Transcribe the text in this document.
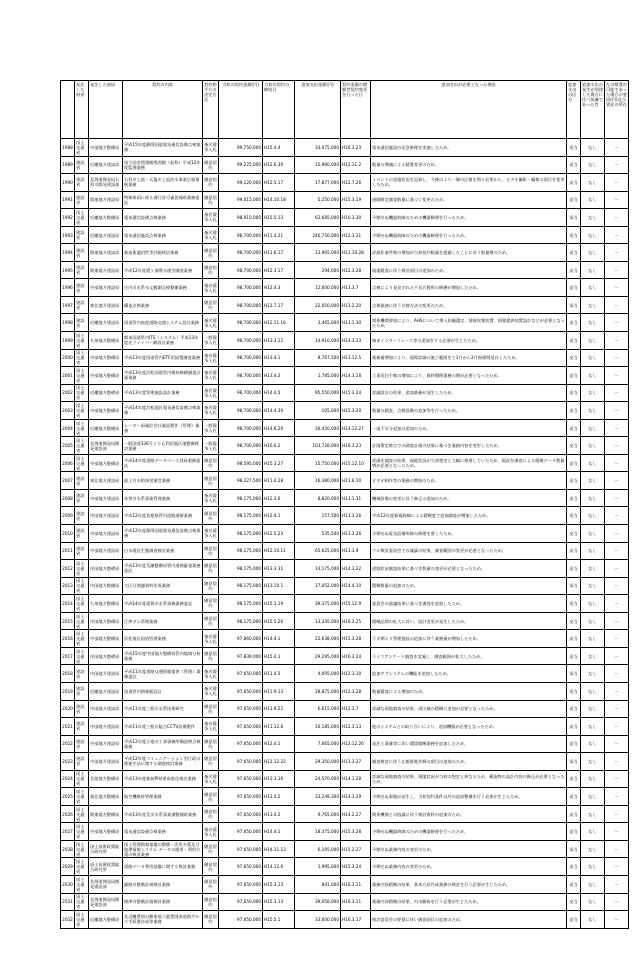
	発注した府省	発注した部局	契約の内容	契約相手方の決定方式	当初の契約金額(円)	当初の契約の締結日	追加支出金額(円)	契約金額の増額等契約変更を行った日	追加支出が必要となった理由	追加支出の区分	追加支出の発生が別途した場合に比べ低廉であった旨	左の措置が可能であった場合の要因(円)及び責任の所在
1988	国土交通省	中部地方整備局	平成15年度静岡国道電気通信設備点検業務	指名競争入札	99,750,000	H15.4.4	33,075,000	H16.3.23	電気通信施設の応急修理を実施したため。	妥当	なし	－
1989	建設省	近畿地方建設局	国立国会図書館関西館（仮称）平成12年度監理業務	随意契約	99,225,000	H12.6.30	15,960,000	H12.11.2	数量の増減による精算変更のため。	妥当	なし	－
1990	建設省	北海道開発局石狩川開発建設部	石狩川上流・天塩川上流治水事業広報推進業務	随意契約	99,120,000	H12.5.17	17,877,000	H12.7.26	イベントの実施状況を記録し、今後のより一層の広報を図る必要から、ビデオ撮影・編集の項目を変更したため。	妥当	なし	－
1991	建設省	関東地方建設局	特殊車両に係る通行許可審査補助業務委託	随意契約	99,015,000	H14.10.18	5,250,000	H15.3.19	通路限定調査数量に基づく変更のため。	妥当	なし	－
1992	国土交通省	近畿地方整備局	電気通信設備点検業務	指名競争入札	98,910,000	H15.5.13	62,685,000	H16.3.30	予期せぬ機器故障のための機器修理を行ったため。	妥当	なし	－
1993	建設省	近畿地方建設局	電気通信施設点検業務	指名競争入札	98,700,000	H11.4.21	246,750,000	H12.3.31	予期せぬ機器故障のための機器修理を行ったため。	妥当	なし	－
1994	建設省	関東地方建設局	新技術適用性等評価検討業務	随意契約	98,700,000	H11.6.17	13,965,000	H11.10.28	評価作業件数の増加が当初契約数量を超過したことに伴う数量増のため。	妥当	なし	－
1995	建設省	関東地方建設局	平成12年度霞ヶ浦導水運営調査業務	随意契約	98,700,000	H12.3.17	294,000	H12.3.28	現地精査に伴う検討項目の追加のため。	妥当	なし	－
1996	建設省	中部地方建設局	庄内川水系水文観測点検整備業務	指名競争入札	98,700,000	H12.4.3	12,600,000	H13.3.7	点検により発見された不具合箇所の修繕が増加したため。	妥当	なし	－
1997	建設省	東北地方建設局	構造点検業務	随意契約	98,700,000	H12.7.17	22,050,000	H13.2.20	点検業務に伴う点検方法の変更のため。	妥当	なし	－
1998	建設省	近畿地方建設局	国道管内高度道路交通システム設計業務	指名競争入札	98,700,000	H12.11.16	3,465,000	H13.1.30	関係機関要望により、AHSについて導入拡幅選定、情報収集装置、情報提供装置設計などが必要となったため。	妥当	なし	－
1999	国土交通省	九州地方整備局	熊本国道管内ITS（システム）平成13年度光ファイバー網設計業務	一般競争入札	98,700,000	H13.3.12	14,910,000	H14.3.13	端末インターフェース等の追加をする必要が生じたため。	妥当	なし	－
2000	国土交通省	中部地方整備局	平成13年度国道管内ETC用設置調査業務	指名競争入札	98,700,000	H13.4.1	8,767,500	H13.12.5	業務量増加により、現場詳細の施工範囲を工1月から2月指導間延長したため。	妥当	なし	－
2001	国土交通省	中部地方整備局	平成13年度浜松国道管内維持修繕調査計画業務	指名競争入札	98,700,000	H13.4.2	1,785,000	H14.3.18	工事発注手数の増加により、資料整理業務の増が必要となったため。	妥当	なし	－
2002	国土交通省	近畿地方整備局	平成13年度管理施設設計業務	指名競争入札	98,700,000	H14.4.5	95,550,000	H15.3.24	詳細設計の結果、追加業務が発生したため。	妥当	なし	－
2003	国土交通省	中部地方整備局	平成14年度浜松地区電気通信設備点検業務	指名競争入札	98,700,000	H14.4.30	105,000	H15.3.20	数量の精査、点検設備の追加等を行ったため。	妥当	なし	－
2004	国土交通省	近畿地方整備局	レーダー雨量計会社施設製作（管理）業務	一般競争入札	98,700,000	H14.6.20	30,450,000	H14.12.27	一部不可分追加の追加のため。	妥当	なし	－
2005	国土交通省	北海道開発局開発建設部	一般国道336号よりも利尻地区地整備検討業務	一般競争入札	98,700,000	H16.6.2	103,728,000	H16.3.23	計画策定時点での調査計画の結果に基づき業務内容を変更したため。	妥当	なし	－
2006	国土交通省	中部地方整備局	平成14年度道路データベース登録業務委託	随意契約	98,595,000	H15.3.27	15,750,000	H15.12.10	詳細を調査の結果、現地状況が当初想定と大幅に相違していたため、現況を調査による精緻データ数量増が必要となったため。	妥当	なし	－
2007	建設省	東北地方建設局	最上川水防演習運営業務	随意契約	98,227,500	H11.4.28	16,380,000	H11.6.10	ビデオ制作等の業務の増加のため。	妥当	なし	－
2008	建設省	中部地方建設局	木曽川水系事業管理業務	指名競争入札	98,175,000	H12.3.6	8,820,000	H13.1.31	機械設備の変更に伴う修正の追加のため。	妥当	なし	－
2009	建設省	中国地方建設局	平成12年度島根県管内道路通報業務	随意契約	98,175,000	H12.4.1	157,500	H13.3.26	平成12年度新規路線による精緻度で追加調査が増加したため。	妥当	なし	－
2010	建設省	中部地方建設局	平成12年度静岡国道電気通信設備点検業務	指名競争入札	98,175,000	H12.5.23	535,500	H13.3.26	予期せぬ電気設備故障の修理を要したため。	妥当	なし	－
2011	建設省	中部地方建設局	白水地区生態調査検討業務	随意契約	98,175,000	H12.10.11	65,625,000	H13.3.9	ツル検討委員会での議論の結果、調査範囲の変更が必要となったため。	妥当	なし	－
2012	国土交通省	中国地方整備局	平成13年度荒瀬整備局管内道路審査業務委託	随意契約	98,175,000	H13.3.31	14,175,000	H14.3.22	道路状況調査結果に基づき数量の変更が必要となったため。	妥当	なし	－
2013	国土交通省	中国地方整備局	大区分関連資料作成業務	随意契約	98,175,000	H13.10.1	17,052,000	H14.4.10	精緻数量の追加のため。	妥当	なし	－
2014	国土交通省	九州地方整備局	平成14年度遠賀川水系事務業務委託	随意契約	98,175,000	H15.3.19	39,375,000	H15.12.9	委員会の協議結果に基づき調査を追加したため。	妥当	なし	－
2015	国土交通省	中国地方整備局	江津ダム管理業務	随意契約	98,175,000	H15.5.26	13,335,000	H16.3.25	精緻品問の拡大に伴い、設計変更が発生したため。	妥当	なし	－
2016	国土交通省	中部地方整備局	浜松地区国道管理業務	指名競争入札	97,860,000	H14.4.1	22,638,000	H15.3.28	下半期より管理施設の追加に伴う業務量が増加したため。	妥当	なし	－
2017	国土交通省	中国地方整備局	平成15年度中国地方整備局管内地域分析業務	随意契約	97,839,000	H15.4.1	29,295,000	H16.3.24	ライフアンケート調査を実施し、調査範囲が拡大したため。	妥当	なし	－
2018	建設省	中国地方建設局	平成11年度道路交通情報提供（管理）業務委託	指名競争入札	97,650,000	H11.4.5	4,095,000	H12.3.10	追加サブシステムの機能を追加したため。	妥当	なし	－
2019	建設省	近畿地方建設局	国道管内情報板設計	指名競争入札	97,650,000	H11.9.13	28,875,000	H12.3.28	数量精査による増加のため。	妥当	なし	－
2020	建設省	中国地方建設局	平成11年度三瓶川水系技術研究	随意契約	97,650,000	H11.9.22	6,615,000	H12.3.7	詳細な現地調査の結果、両区域の精緻に追加が必要となったため。	妥当	なし	－
2021	建設省	中国地方建設局	平成11年度三瓶川総合CCTV設備製作	指名競争入札	97,650,000	H11.12.8	10,185,000	H12.3.13	他のシステムとの取り合いにより、追加機器が必要となったため。	妥当	なし	－
2022	建設省	中部地方建設局	平成12年度天竜川工事事務所構造物点検業務	随意契約	97,650,000	H12.4.1	7,665,000	H12.12.26	発注工事量等に伴い環境精緻業務を追加したため。	妥当	なし	－
2023	建設省	中部地方建設局	平成12年度コミュニケーション型行政の推進手法に関する調査検討業務	随意契約	97,650,000	H12.12.22	29,350,000	H13.3.27	調査検討に伴う広報推進作戦の項目の追加のため。	妥当	なし	－
2024	国土交通省	北陸地方整備局	平成13年度新潟PI効果高度化検討業務	指名競争入札	97,650,000	H13.3.16	24,570,000	H14.1.28	詳細な現地調査の結果、現地状況が当初の想定と異なるため、構造物の設計内容の修正が必要となったため。	妥当	なし	－
2025	国土交通省	東北地方整備局	航空機維持管理業務	随意契約	97,650,000	H13.4.2	33,249,300	H14.3.29	予期せぬ事態が発生し、当初契約条件以外の追加整備を行う必要が生じたため。	妥当	なし	－
2026	国土交通省	関東地方整備局	平成13年度荒川水系事業調整補助業務	随意契約	97,650,000	H13.4.2	9,765,000	H14.2.27	関係機関との協議に伴う検討資料の追加のため。	妥当	なし	－
2027	国土交通省	中部地方整備局	電気通信設備点検業務	指名競争入札	97,650,000	H14.4.1	18,375,000	H15.3.28	予期せぬ機器故障のための機器修理を行ったため。	妥当	なし	－
2028	国土交通省	国土技術政策総合研究所	国土管理情報基盤の整備・活用方策及び地理情報システム データの運用・利用方策の検討業務	随意契約	97,650,000	H14.11.13	6,195,000	H15.2.27	予期せぬ業務内容の変更のため。	妥当	なし	－
2029	国土交通省	国土技術政策総合研究所	道路データ利用基盤に関する検討業務	随意契約	97,650,000	H14.12.6	1,995,000	H15.3.24	予期せぬ業務内容の変更のため。	妥当	なし	－
2030	国土交通省	北海道開発局開発建設部	釧路川整備計画検討業務	随意契約	97,650,000	H15.3.13	841,000	H16.3.11	業務内容精緻の結果、基本方針作成業務の検討を行う必要が生じたため。	妥当	なし	－
2031	国土交通省	北海道開発局開発建設部	標津川整備計画検討業務	随意契約	97,650,000	H15.3.13	39,058,000	H16.3.11	業務内容精緻の結果、内水解析を行う必要が生じたため。	妥当	なし	－
2032	国土交通省	近畿地方整備局	北近畿豊岡自動車道八鹿豊岡南道路アセス手続書作成等業務	随意契約	97,650,000	H15.5.1	33,600,000	H16.3.17	検討委員会の要望に伴い調査項目の追加のため。	妥当	なし	－
